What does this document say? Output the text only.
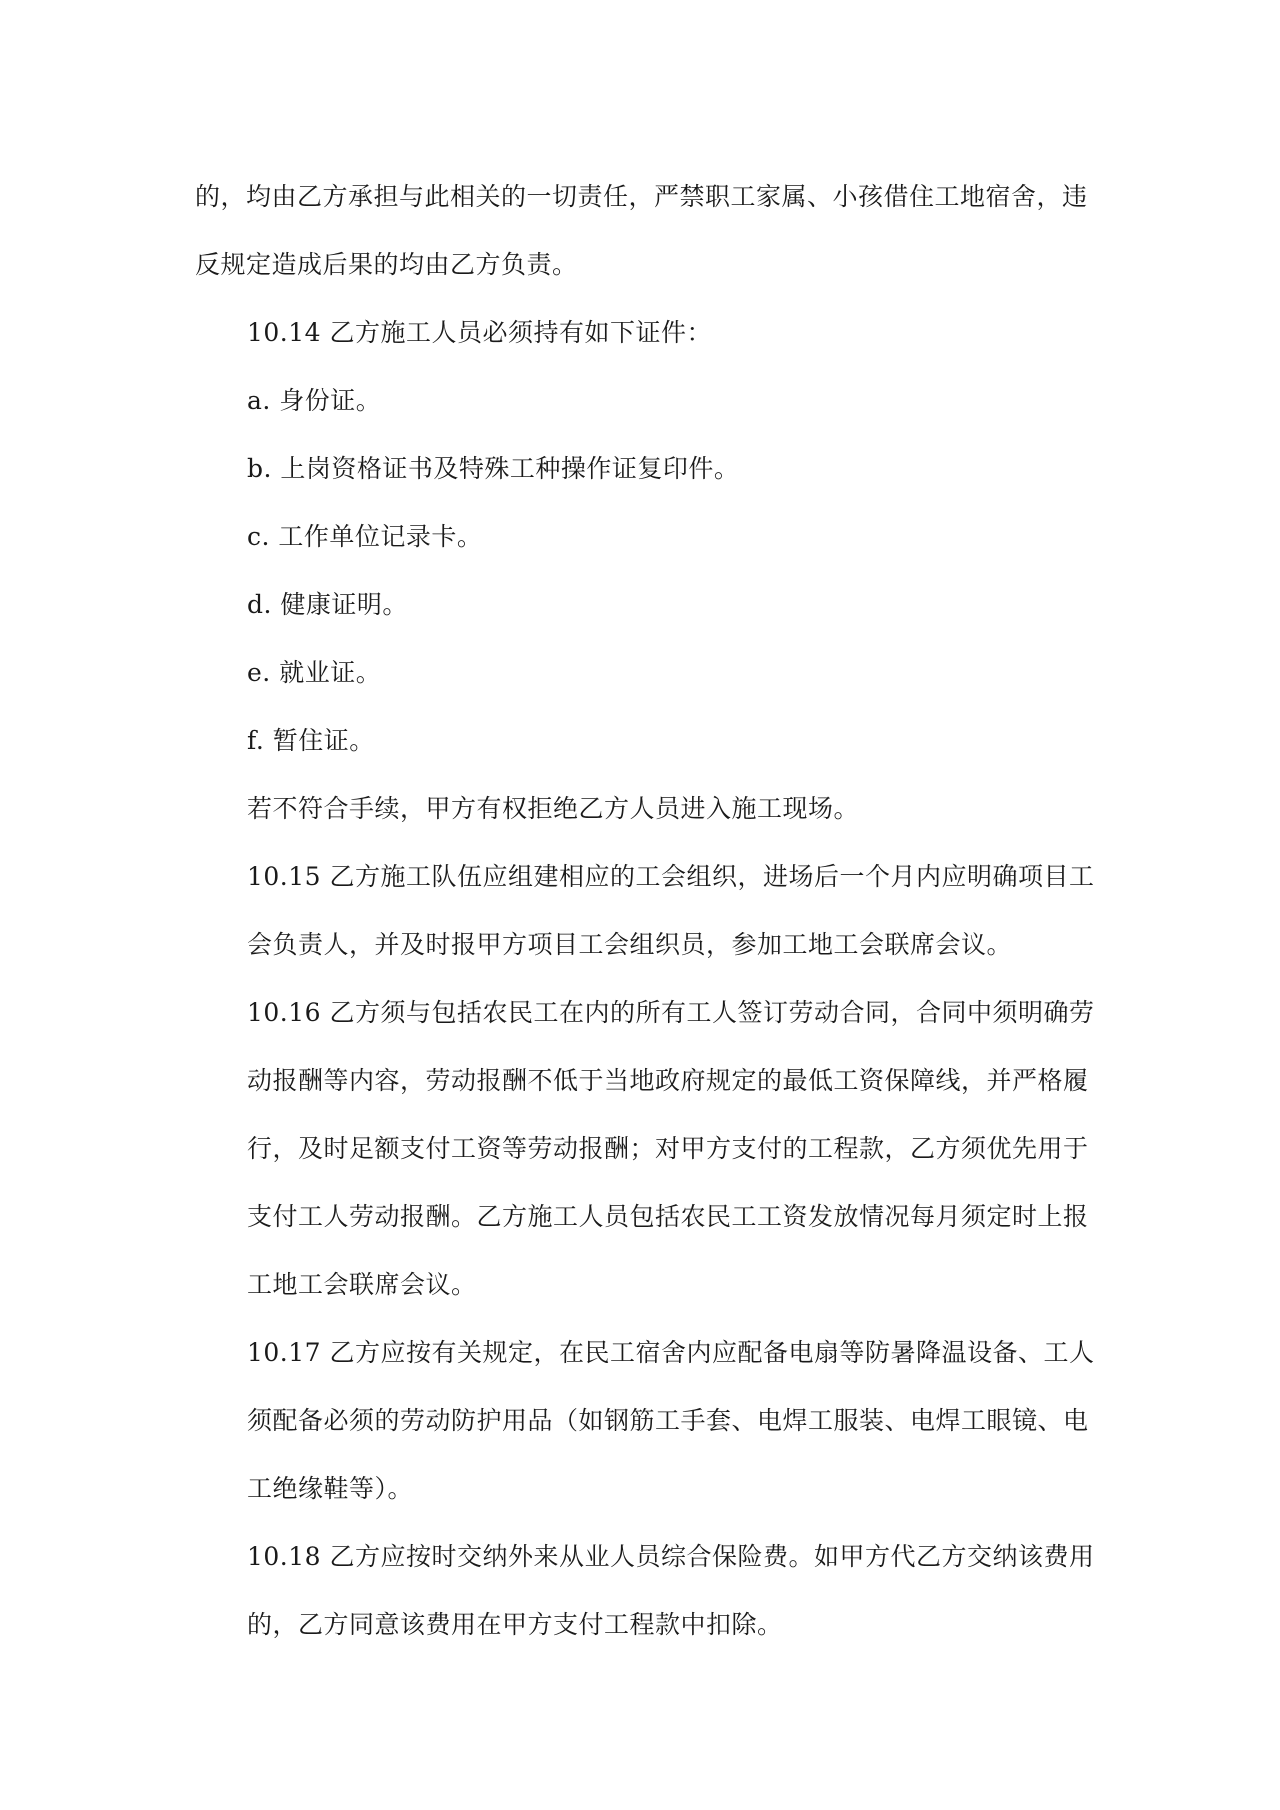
的，均由乙方承担与此相关的一切责任，严禁职工家属、小孩借住工地宿舍，违反规定造成后果的均由乙方负责。

10.14 乙方施工人员必须持有如下证件：

a. 身份证。

b. 上岗资格证书及特殊工种操作证复印件。

c. 工作单位记录卡。

d. 健康证明。

e. 就业证。

f. 暂住证。

若不符合手续，甲方有权拒绝乙方人员进入施工现场。

10.15 乙方施工队伍应组建相应的工会组织，进场后一个月内应明确项目工会负责人，并及时报甲方项目工会组织员，参加工地工会联席会议。

10.16 乙方须与包括农民工在内的所有工人签订劳动合同，合同中须明确劳动报酬等内容，劳动报酬不低于当地政府规定的最低工资保障线，并严格履行，及时足额支付工资等劳动报酬；对甲方支付的工程款，乙方须优先用于支付工人劳动报酬。乙方施工人员包括农民工工资发放情况每月须定时上报工地工会联席会议。

10.17 乙方应按有关规定，在民工宿舍内应配备电扇等防暑降温设备、工人须配备必须的劳动防护用品（如钢筋工手套、电焊工服装、电焊工眼镜、电工绝缘鞋等）。

10.18 乙方应按时交纳外来从业人员综合保险费。如甲方代乙方交纳该费用的，乙方同意该费用在甲方支付工程款中扣除。
